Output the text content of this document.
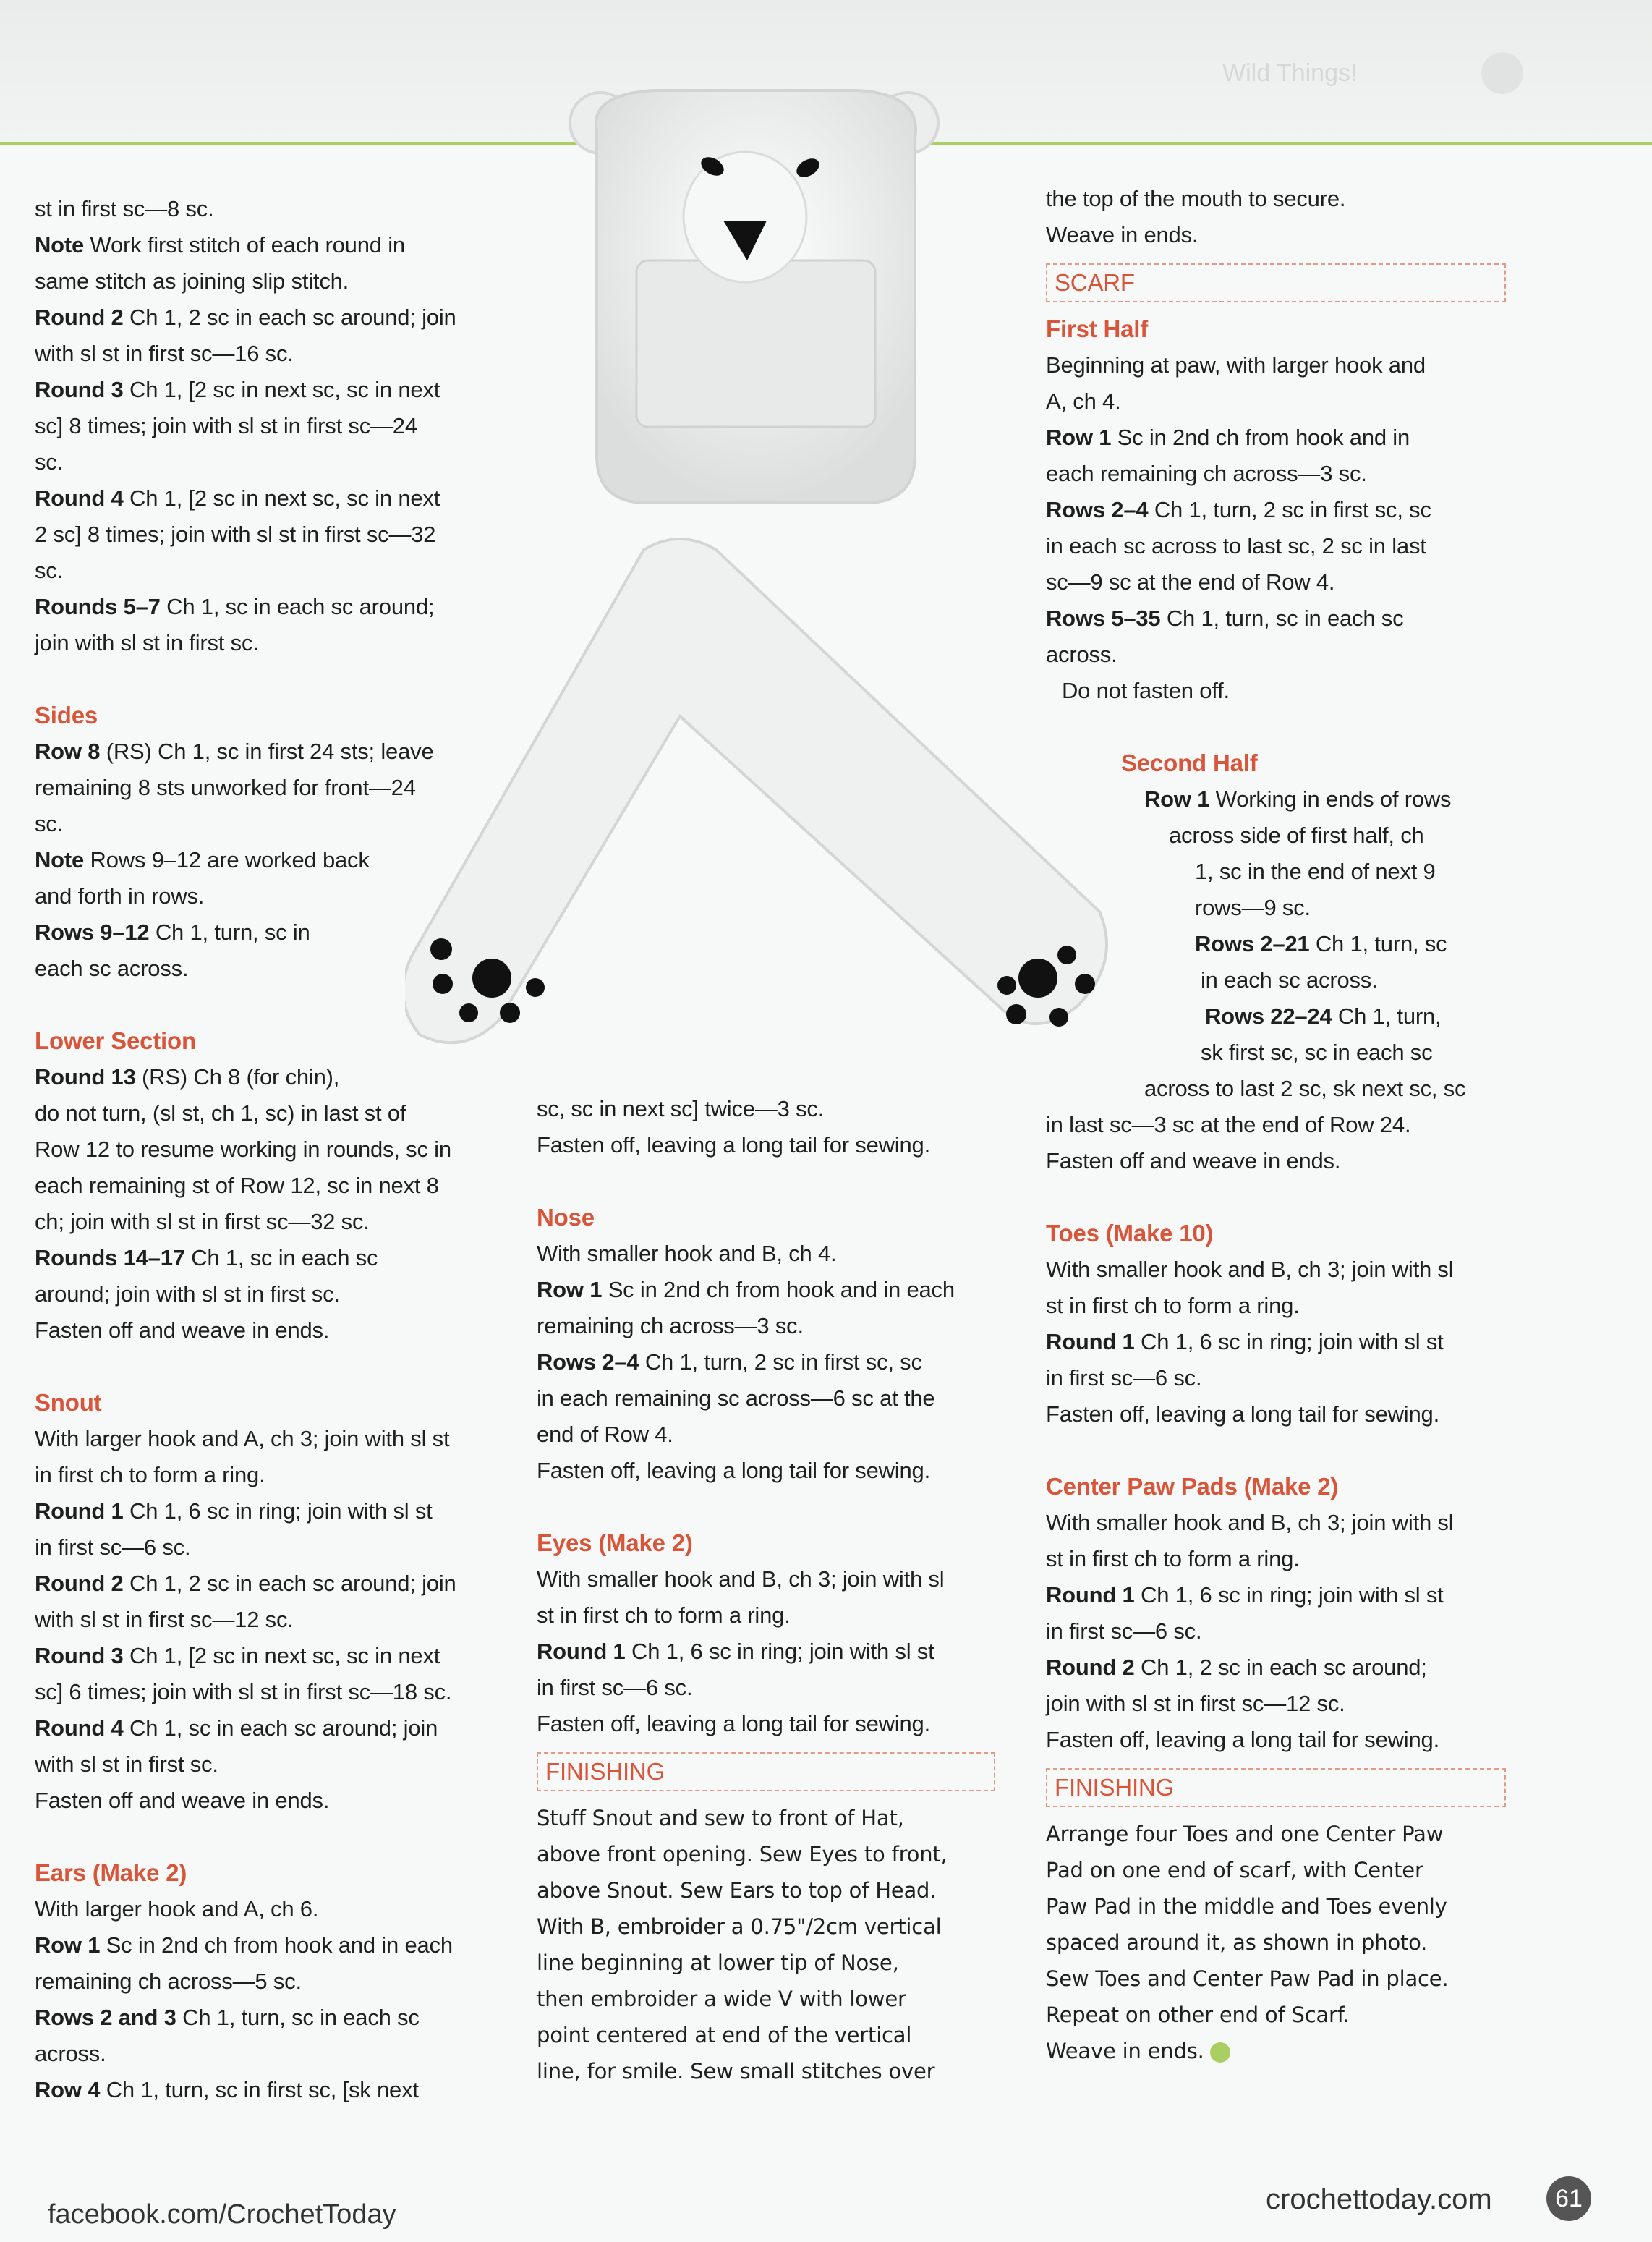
Wild Things!

st in first sc—8 sc.

Note Work first stitch of each round in

same stitch as joining slip stitch.

Round 2 Ch 1, 2 sc in each sc around; join

with sl st in first sc—16 sc.

Round 3 Ch 1, [2 sc in next sc, sc in next

sc] 8 times; join with sl st in first sc—24

sc.

Round 4 Ch 1, [2 sc in next sc, sc in next

2 sc] 8 times; join with sl st in first sc—32

sc.

Rounds 5–7 Ch 1, sc in each sc around;

join with sl st in first sc.

Sides

Row 8 (RS) Ch 1, sc in first 24 sts; leave

remaining 8 sts unworked for front—24

sc.

Note Rows 9–12 are worked back

and forth in rows.

Rows 9–12 Ch 1, turn, sc in

each sc across.

Lower Section

Round 13 (RS) Ch 8 (for chin),

do not turn, (sl st, ch 1, sc) in last st of

Row 12 to resume working in rounds, sc in

each remaining st of Row 12, sc in next 8

ch; join with sl st in first sc—32 sc.

Rounds 14–17 Ch 1, sc in each sc

around; join with sl st in first sc.

Fasten off and weave in ends.

Snout

With larger hook and A, ch 3; join with sl st

in first ch to form a ring.

Round 1 Ch 1, 6 sc in ring; join with sl st

in first sc—6 sc.

Round 2 Ch 1, 2 sc in each sc around; join

with sl st in first sc—12 sc.

Round 3 Ch 1, [2 sc in next sc, sc in next

sc] 6 times; join with sl st in first sc—18 sc.

Round 4 Ch 1, sc in each sc around; join

with sl st in first sc.

Fasten off and weave in ends.

Ears (Make 2)

With larger hook and A, ch 6.

Row 1 Sc in 2nd ch from hook and in each

remaining ch across—5 sc.

Rows 2 and 3 Ch 1, turn, sc in each sc

across.

Row 4 Ch 1, turn, sc in first sc, [sk next

sc, sc in next sc] twice—3 sc.

Fasten off, leaving a long tail for sewing.

Nose

With smaller hook and B, ch 4.

Row 1 Sc in 2nd ch from hook and in each

remaining ch across—3 sc.

Rows 2–4 Ch 1, turn, 2 sc in first sc, sc

in each remaining sc across—6 sc at the

end of Row 4.

Fasten off, leaving a long tail for sewing.

Eyes (Make 2)

With smaller hook and B, ch 3; join with sl

st in first ch to form a ring.

Round 1 Ch 1, 6 sc in ring; join with sl st

in first sc—6 sc.

Fasten off, leaving a long tail for sewing.

FINISHING

Stuff Snout and sew to front of Hat,

above front opening. Sew Eyes to front,

above Snout. Sew Ears to top of Head.

With B, embroider a 0.75"/2cm vertical

line beginning at lower tip of Nose,

then embroider a wide V with lower

point centered at end of the vertical

line, for smile. Sew small stitches over

the top of the mouth to secure.

Weave in ends.

SCARF

First Half

Beginning at paw, with larger hook and

A, ch 4.

Row 1 Sc in 2nd ch from hook and in

each remaining ch across—3 sc.

Rows 2–4 Ch 1, turn, 2 sc in first sc, sc

in each sc across to last sc, 2 sc in last

sc—9 sc at the end of Row 4.

Rows 5–35 Ch 1, turn, sc in each sc

across.

Do not fasten off.

Second Half

Row 1 Working in ends of rows

across side of first half, ch

1, sc in the end of next 9

rows—9 sc.

Rows 2–21 Ch 1, turn, sc

in each sc across.

Rows 22–24 Ch 1, turn,

sk first sc, sc in each sc

across to last 2 sc, sk next sc, sc

in last sc—3 sc at the end of Row 24.

Fasten off and weave in ends.

Toes (Make 10)

With smaller hook and B, ch 3; join with sl

st in first ch to form a ring.

Round 1 Ch 1, 6 sc in ring; join with sl st

in first sc—6 sc.

Fasten off, leaving a long tail for sewing.

Center Paw Pads (Make 2)

With smaller hook and B, ch 3; join with sl

st in first ch to form a ring.

Round 1 Ch 1, 6 sc in ring; join with sl st

in first sc—6 sc.

Round 2 Ch 1, 2 sc in each sc around;

join with sl st in first sc—12 sc.

Fasten off, leaving a long tail for sewing.

FINISHING

Arrange four Toes and one Center Paw

Pad on one end of scarf, with Center

Paw Pad in the middle and Toes evenly

spaced around it, as shown in photo.

Sew Toes and Center Paw Pad in place.

Repeat on other end of Scarf.

Weave in ends.

facebook.com/CrochetToday	crochettoday.com	61
